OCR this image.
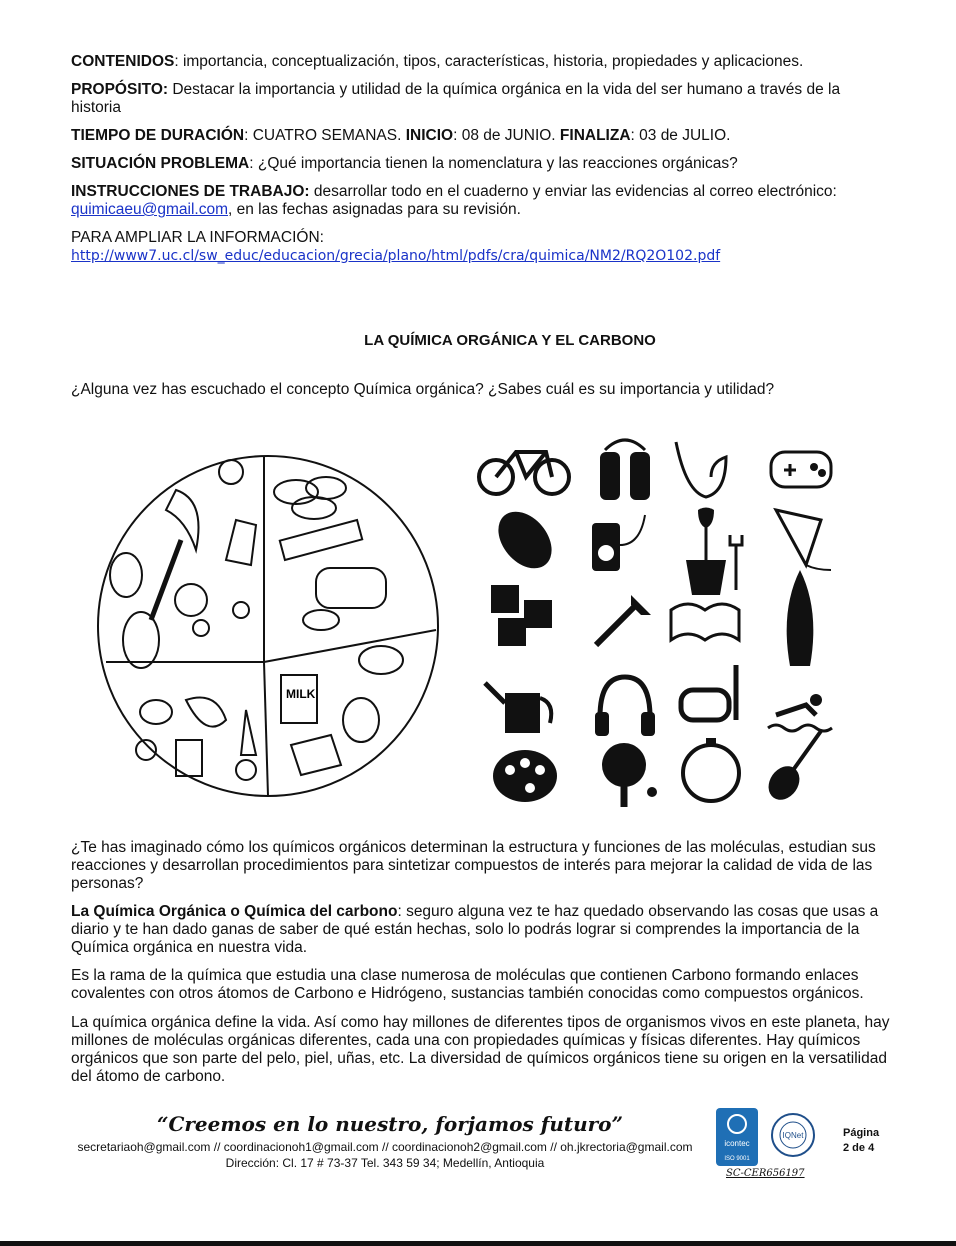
CONTENIDOS: importancia, conceptualización, tipos, características, historia, propiedades y aplicaciones.

PROPÓSITO: Destacar la importancia y utilidad de la química orgánica en la vida del ser humano a través de la historia

TIEMPO DE DURACIÓN: CUATRO SEMANAS. INICIO: 08 de JUNIO. FINALIZA: 03 de JULIO.

SITUACIÓN PROBLEMA: ¿Qué importancia tienen la nomenclatura y las reacciones orgánicas?

INSTRUCCIONES DE TRABAJO: desarrollar todo en el cuaderno y enviar las evidencias al correo electrónico: quimicaeu@gmail.com, en las fechas asignadas para su revisión.

PARA AMPLIAR LA INFORMACIÓN:
http://www7.uc.cl/sw_educ/educacion/grecia/plano/html/pdfs/cra/quimica/NM2/RQ2O102.pdf

LA QUÍMICA ORGÁNICA Y EL CARBONO

¿Alguna vez has escuchado el concepto Química orgánica? ¿Sabes cuál es su importancia y utilidad?

MILK

¿Te has imaginado cómo los químicos orgánicos determinan la estructura y funciones de las moléculas, estudian sus reacciones y desarrollan procedimientos para sintetizar compuestos de interés para mejorar la calidad de vida de las personas?

La Química Orgánica o Química del carbono: seguro alguna vez te haz quedado observando las cosas que usas a diario y te han dado ganas de saber de qué están hechas, solo lo podrás lograr si comprendes la importancia de la Química orgánica en nuestra vida.

Es la rama de la química que estudia una clase numerosa de moléculas que contienen Carbono formando enlaces covalentes con otros átomos de Carbono e Hidrógeno, sustancias también conocidas como compuestos orgánicos.

La química orgánica define la vida. Así como hay millones de diferentes tipos de organismos vivos en este planeta, hay millones de moléculas orgánicas diferentes, cada una con propiedades químicas y físicas diferentes. Hay químicos orgánicos que son parte del pelo, piel, uñas, etc. La diversidad de químicos orgánicos tiene su origen en la versatilidad del átomo de carbono.

“Creemos en lo nuestro, forjamos futuro”
secretariaoh@gmail.com // coordinacionoh1@gmail.com // coordinacionoh2@gmail.com // oh.jkrectoria@gmail.com
Dirección: Cl. 17 # 73-37 Tel. 343 59 34; Medellín, Antioquia
icontec
ISO 9001
IQNet
SC-CER656197
Página
2 de 4
